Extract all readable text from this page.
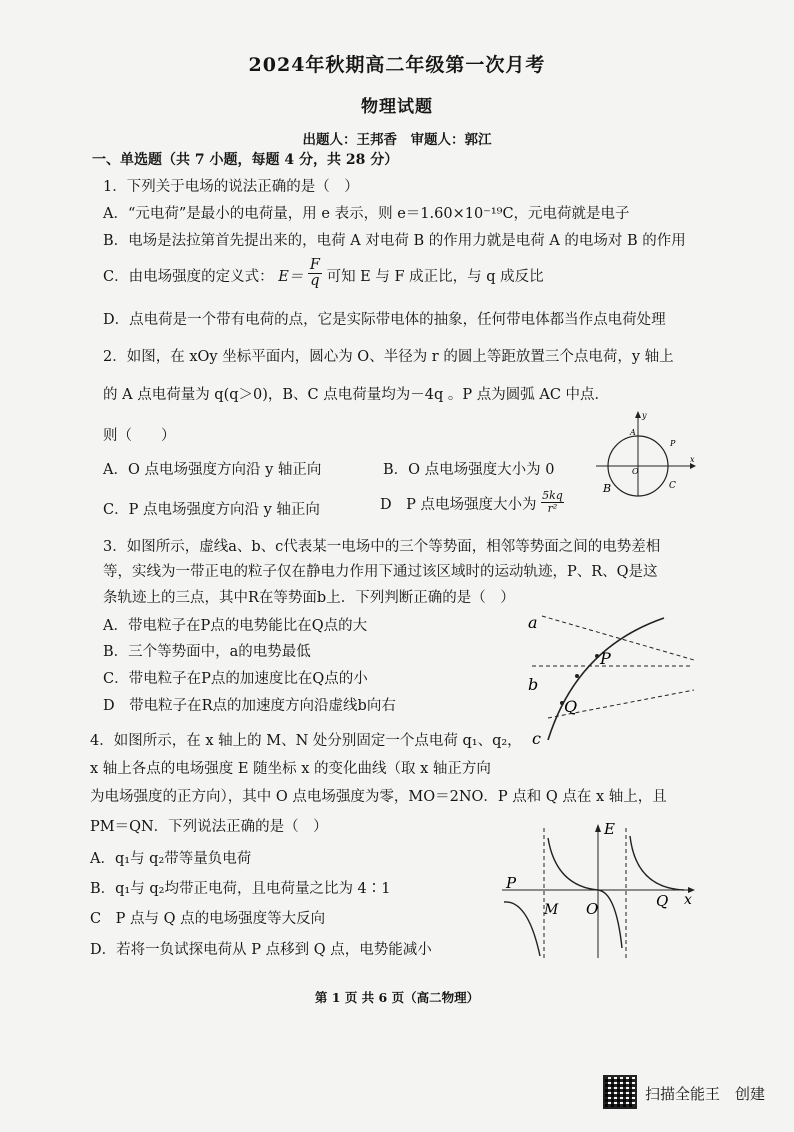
2024年秋期高二年级第一次月考
物理试题
出题人：王邦香　审题人：郭江
一、单选题（共 7 小题，每题 4 分，共 28 分）
1．下列关于电场的说法正确的是（　）
A．“元电荷”是最小的电荷量，用 e 表示，则 e＝1.60×10⁻¹⁹C，元电荷就是电子
B．电场是法拉第首先提出来的，电荷 A 对电荷 B 的作用力就是电荷 A 的电场对 B 的作用
C．由电场强度的定义式： $E= \frac{F}{q}$ 可知 E 与 F 成正比，与 q 成反比
D．点电荷是一个带有电荷的点，它是实际带电体的抽象，任何带电体都当作点电荷处理
2．如图，在 xOy 坐标平面内，圆心为 O、半径为 r 的圆上等距放置三个点电荷，y 轴上
的 A 点电荷量为 q(q＞0)，B、C 点电荷量均为－4q 。P 点为圆弧 AC 中点．
则（　　）
A．O 点电场强度方向沿 y 轴正向	B．O 点电场强度大小为 0
C．P 点电场强度方向沿 y 轴正向	D　P 点电场强度大小为 $\frac{5kq}{\text{r²}}$
y
x
A
P
O
B	C
3．如图所示，虚线a、b、c代表某一电场中的三个等势面，相邻等势面之间的电势差相
等，实线为一带正电的粒子仅在静电力作用下通过该区域时的运动轨迹，P、R、Q是这
条轨迹上的三点，其中R在等势面b上．下列判断正确的是（　）
A．带电粒子在P点的电势能比在Q点的大
B．三个等势面中，a的电势最低
C．带电粒子在P点的加速度比在Q点的小
D　带电粒子在R点的加速度方向沿虚线b向右
a
b
c
P
Q
4．如图所示，在 x 轴上的 M、N 处分别固定一个点电荷 q₁、q₂，
x 轴上各点的电场强度 E 随坐标 x 的变化曲线（取 x 轴正方向
为电场强度的正方向），其中 O 点电场强度为零，MO＝2NO．P 点和 Q 点在 x 轴上，且
PM＝QN．下列说法正确的是（　）
A．q₁与 q₂带等量负电荷
B．q₁与 q₂均带正电荷，且电荷量之比为 4∶1
C　P 点与 Q 点的电场强度等大反向
D．若将一负试探电荷从 P 点移到 Q 点，电势能减小
E
x
P
M O	Q
第 1 页 共 6 页（高二物理）
扫描全能王　创建
